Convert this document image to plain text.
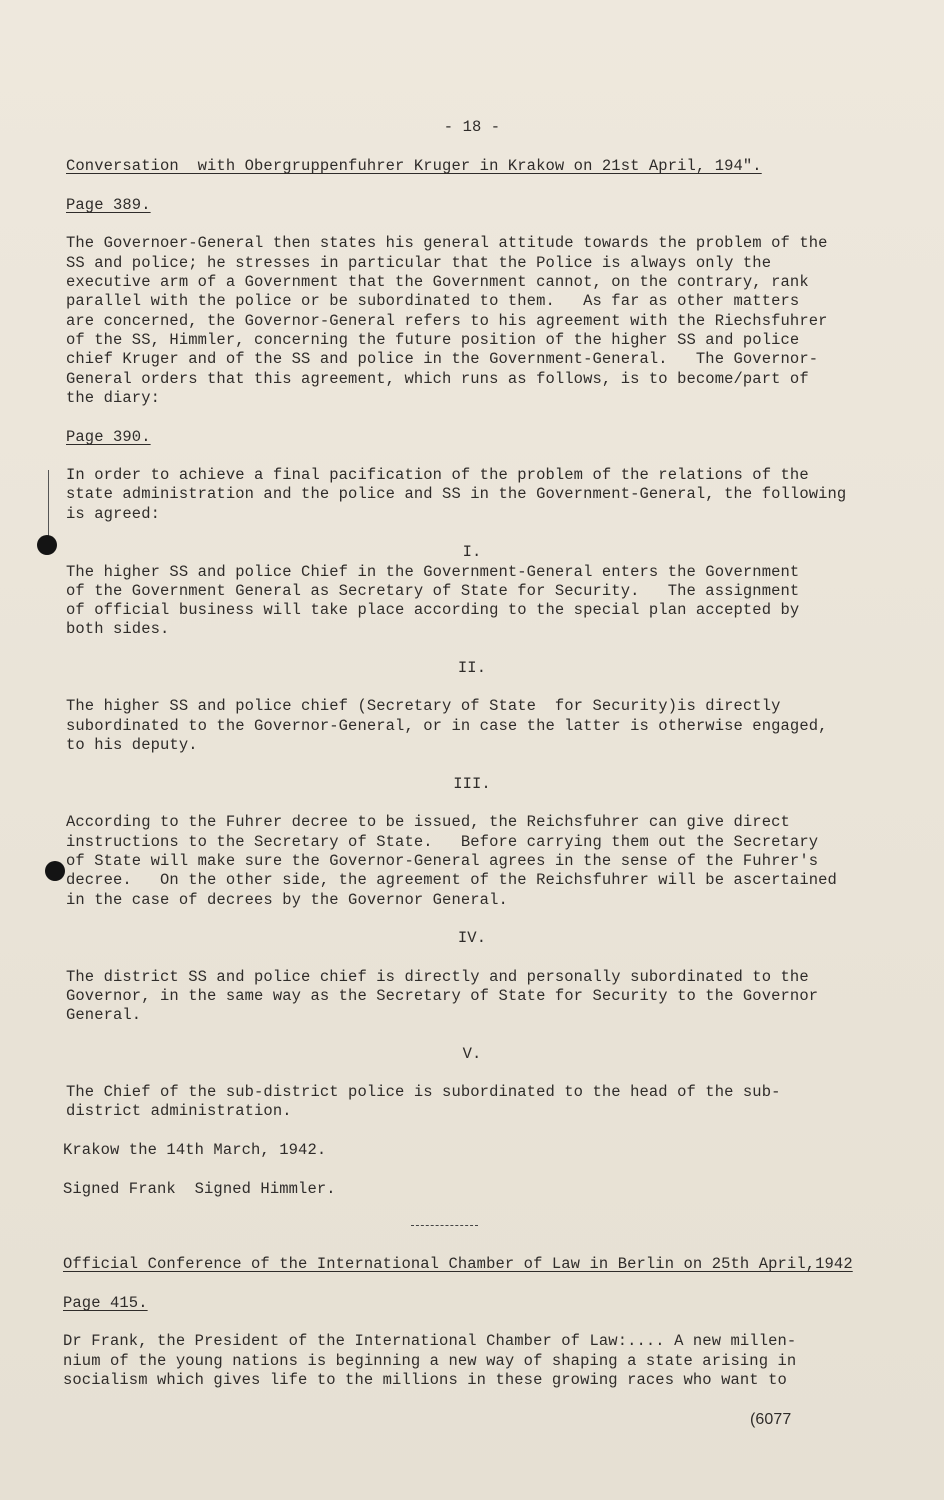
- 18 -
Conversation  with Obergruppenfuhrer Kruger in Krakow on 21st April, 194".
Page 389.
The Governoer-General then states his general attitude towards the problem of the
SS and police; he stresses in particular that the Police is always only the
executive arm of a Government that the Government cannot, on the contrary, rank
parallel with the police or be subordinated to them.   As far as other matters
are concerned, the Governor-General refers to his agreement with the Riechsfuhrer
of the SS, Himmler, concerning the future position of the higher SS and police
chief Kruger and of the SS and police in the Government-General.   The Governor-
General orders that this agreement, which runs as follows, is to become/part of
the diary:
Page 390.
In order to achieve a final pacification of the problem of the relations of the
state administration and the police and SS in the Government-General, the following
is agreed:
I.
The higher SS and police Chief in the Government-General enters the Government
of the Government General as Secretary of State for Security.   The assignment
of official business will take place according to the special plan accepted by
both sides.
II.
The higher SS and police chief (Secretary of State  for Security)is directly
subordinated to the Governor-General, or in case the latter is otherwise engaged,
to his deputy.
III.
According to the Fuhrer decree to be issued, the Reichsfuhrer can give direct
instructions to the Secretary of State.   Before carrying them out the Secretary
of State will make sure the Governor-General agrees in the sense of the Fuhrer's
decree.   On the other side, the agreement of the Reichsfuhrer will be ascertained
in the case of decrees by the Governor General.
IV.
The district SS and police chief is directly and personally subordinated to the
Governor, in the same way as the Secretary of State for Security to the Governor
General.
V.
The Chief of the sub-district police is subordinated to the head of the sub-
district administration.
Krakow the 14th March, 1942.
Signed Frank  Signed Himmler.
Official Conference of the International Chamber of Law in Berlin on 25th April,1942
Page 415.
Dr Frank, the President of the International Chamber of Law:.... A new millen-
nium of the young nations is beginning a new way of shaping a state arising in
socialism which gives life to the millions in these growing races who want to
(6077
